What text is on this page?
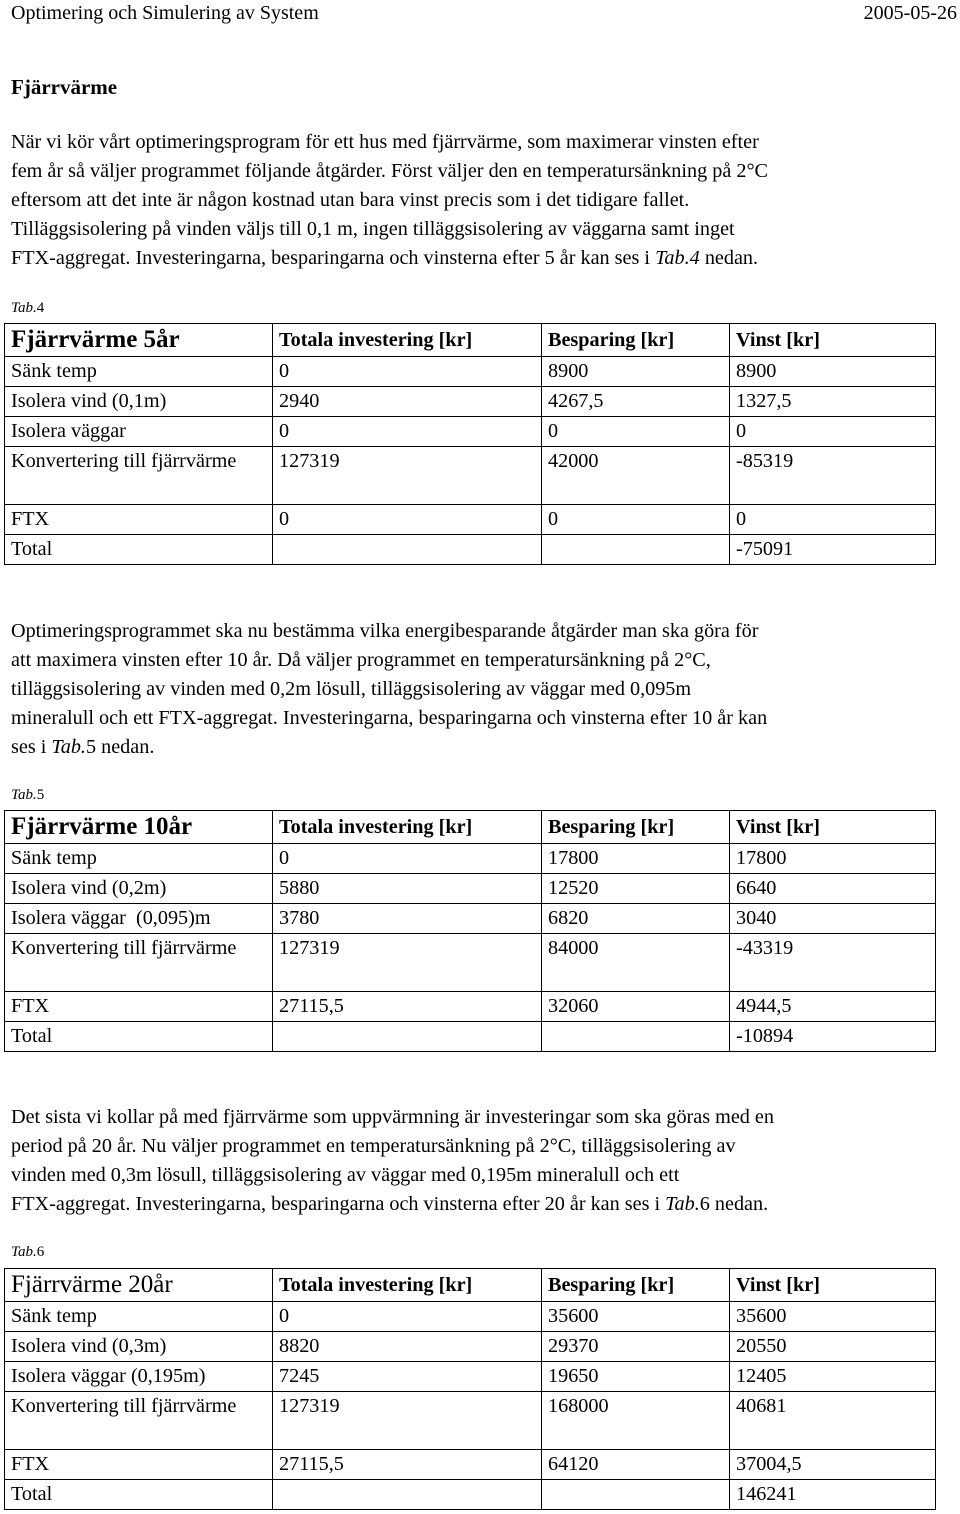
Optimering och Simulering av System	2005-05-26
Fjärrvärme
När vi kör vårt optimeringsprogram för ett hus med fjärrvärme, som maximerar vinsten efter
fem år så väljer programmet följande åtgärder. Först väljer den en temperatursänkning på 2°C
eftersom att det inte är någon kostnad utan bara vinst precis som i det tidigare fallet.
Tilläggsisolering på vinden väljs till 0,1 m, ingen tilläggsisolering av väggarna samt inget
FTX-aggregat. Investeringarna, besparingarna och vinsterna efter 5 år kan ses i Tab.4 nedan.
Tab.4
Fjärrvärme 5år	Totala investering [kr]	Besparing [kr]	Vinst [kr]
Sänk temp	0	8900	8900
Isolera vind (0,1m)	2940	4267,5	1327,5
Isolera väggar	0	0	0
Konvertering till fjärrvärme	127319	42000	-85319
FTX	0	0	0
Total			-75091
Optimeringsprogrammet ska nu bestämma vilka energibesparande åtgärder man ska göra för
att maximera vinsten efter 10 år. Då väljer programmet en temperatursänkning på 2°C,
tilläggsisolering av vinden med 0,2m lösull, tilläggsisolering av väggar med 0,095m
mineralull och ett FTX-aggregat. Investeringarna, besparingarna och vinsterna efter 10 år kan
ses i Tab.5 nedan.
Tab.5
Fjärrvärme 10år	Totala investering [kr]	Besparing [kr]	Vinst [kr]
Sänk temp	0	17800	17800
Isolera vind (0,2m)	5880	12520	6640
Isolera väggar  (0,095)m	3780	6820	3040
Konvertering till fjärrvärme	127319	84000	-43319
FTX	27115,5	32060	4944,5
Total			-10894
Det sista vi kollar på med fjärrvärme som uppvärmning är investeringar som ska göras med en
period på 20 år. Nu väljer programmet en temperatursänkning på 2°C, tilläggsisolering av
vinden med 0,3m lösull, tilläggsisolering av väggar med 0,195m mineralull och ett
FTX-aggregat. Investeringarna, besparingarna och vinsterna efter 20 år kan ses i Tab.6 nedan.
Tab.6
Fjärrvärme 20år	Totala investering [kr]	Besparing [kr]	Vinst [kr]
Sänk temp	0	35600	35600
Isolera vind (0,3m)	8820	29370	20550
Isolera väggar (0,195m)	7245	19650	12405
Konvertering till fjärrvärme	127319	168000	40681
FTX	27115,5	64120	37004,5
Total			146241
